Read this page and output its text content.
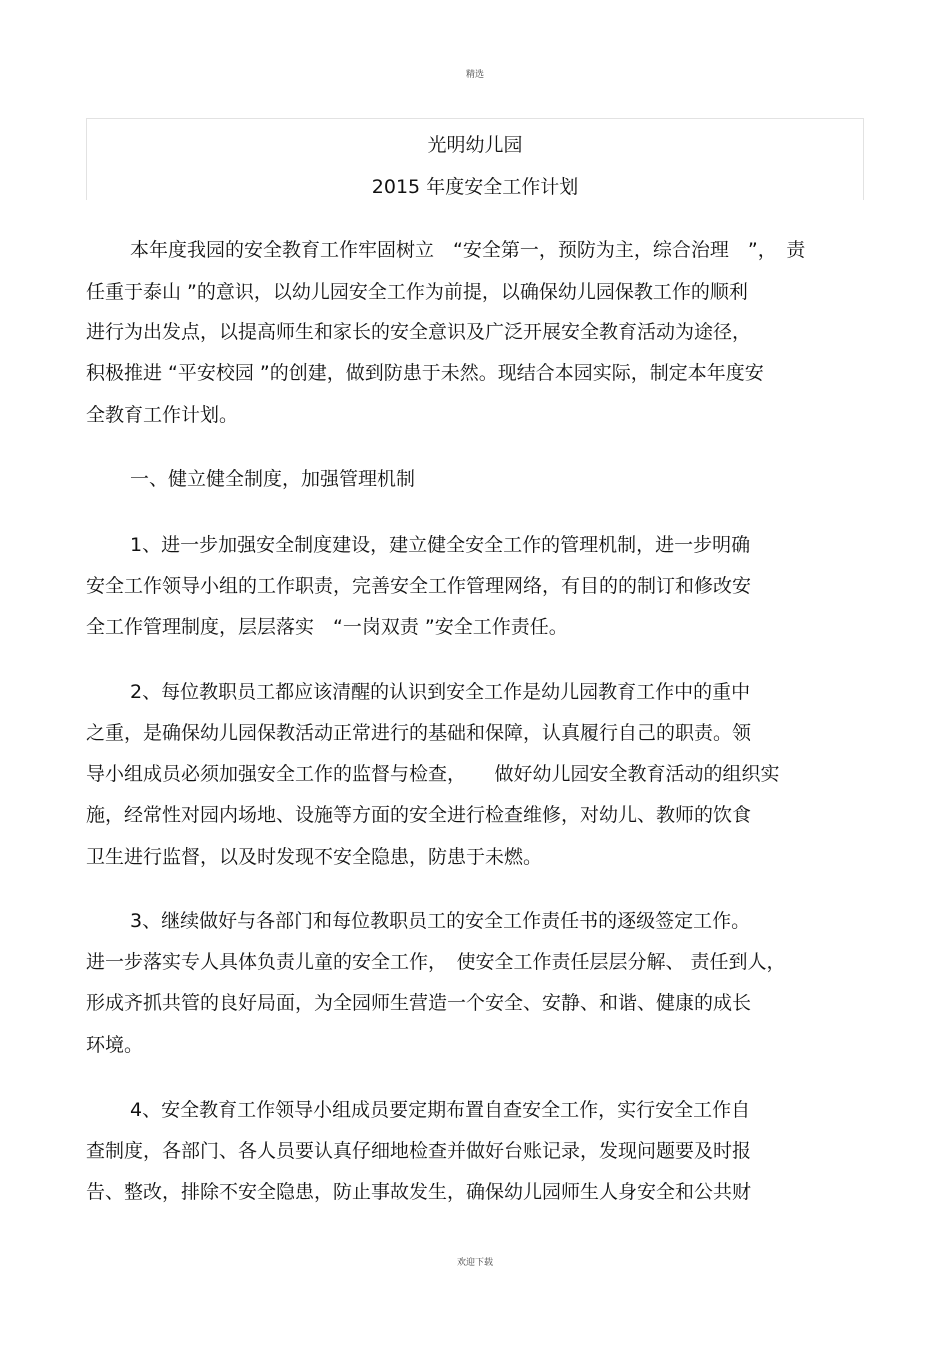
精选
光明幼儿园
2015 年度安全工作计划
本年度我园的安全教育工作牢固树立　“安全第一，预防为主，综合治理　”，　责
任重于泰山 ”的意识，以幼儿园安全工作为前提，以确保幼儿园保教工作的顺利
进行为出发点，以提高师生和家长的安全意识及广泛开展安全教育活动为途径，
积极推进 “平安校园 ”的创建，做到防患于未然。现结合本园实际，制定本年度安
全教育工作计划。
一、健立健全制度，加强管理机制
1、进一步加强安全制度建设，建立健全安全工作的管理机制，进一步明确
安全工作领导小组的工作职责，完善安全工作管理网络，有目的的制订和修改安
全工作管理制度，层层落实　“一岗双责 ”安全工作责任。
2、每位教职员工都应该清醒的认识到安全工作是幼儿园教育工作中的重中
之重，是确保幼儿园保教活动正常进行的基础和保障，认真履行自己的职责。领
导小组成员必须加强安全工作的监督与检查，　　做好幼儿园安全教育活动的组织实
施，经常性对园内场地、设施等方面的安全进行检查维修，对幼儿、教师的饮食
卫生进行监督，以及时发现不安全隐患，防患于未燃。
3、继续做好与各部门和每位教职员工的安全工作责任书的逐级签定工作。
进一步落实专人具体负责儿童的安全工作，　使安全工作责任层层分解、 责任到人，
形成齐抓共管的良好局面，为全园师生营造一个安全、安静、和谐、健康的成长
环境。
4、安全教育工作领导小组成员要定期布置自查安全工作，实行安全工作自
查制度，各部门、各人员要认真仔细地检查并做好台账记录，发现问题要及时报
告、整改，排除不安全隐患，防止事故发生，确保幼儿园师生人身安全和公共财
欢迎下载
